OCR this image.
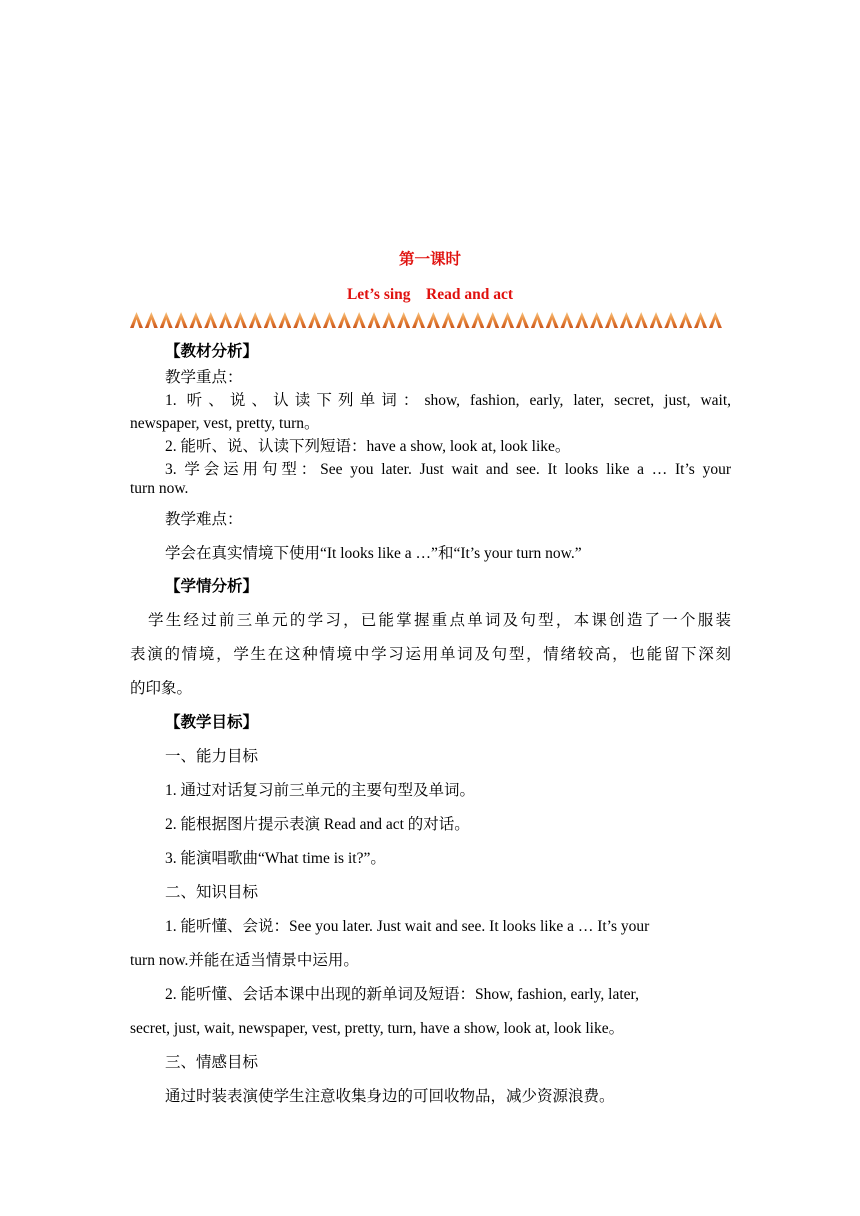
第一课时
Let’s sing　Read and act
【教材分析】
教学重点：
1. 听、说、认读下列单词：show, fashion, early, later, secret, just, wait,
newspaper, vest, pretty, turn。
2. 能听、说、认读下列短语：have a show, look at, look like。
3. 学会运用句型：See you later. Just wait and see. It looks like a … It’s your
turn now.
教学难点：
学会在真实情境下使用“It looks like a …”和“It’s your turn now.”
【学情分析】
学生经过前三单元的学习，已能掌握重点单词及句型，本课创造了一个服装
表演的情境，学生在这种情境中学习运用单词及句型，情绪较高，也能留下深刻
的印象。
【教学目标】
一、能力目标
1. 通过对话复习前三单元的主要句型及单词。
2. 能根据图片提示表演 Read and act 的对话。
3. 能演唱歌曲“What time is it?”。
二、知识目标
1. 能听懂、会说：See you later. Just wait and see. It looks like a … It’s your
turn now.并能在适当情景中运用。
2. 能听懂、会话本课中出现的新单词及短语：Show, fashion, early, later,
secret, just, wait, newspaper, vest, pretty, turn, have a show, look at, look like。
三、情感目标
通过时装表演使学生注意收集身边的可回收物品，减少资源浪费。
